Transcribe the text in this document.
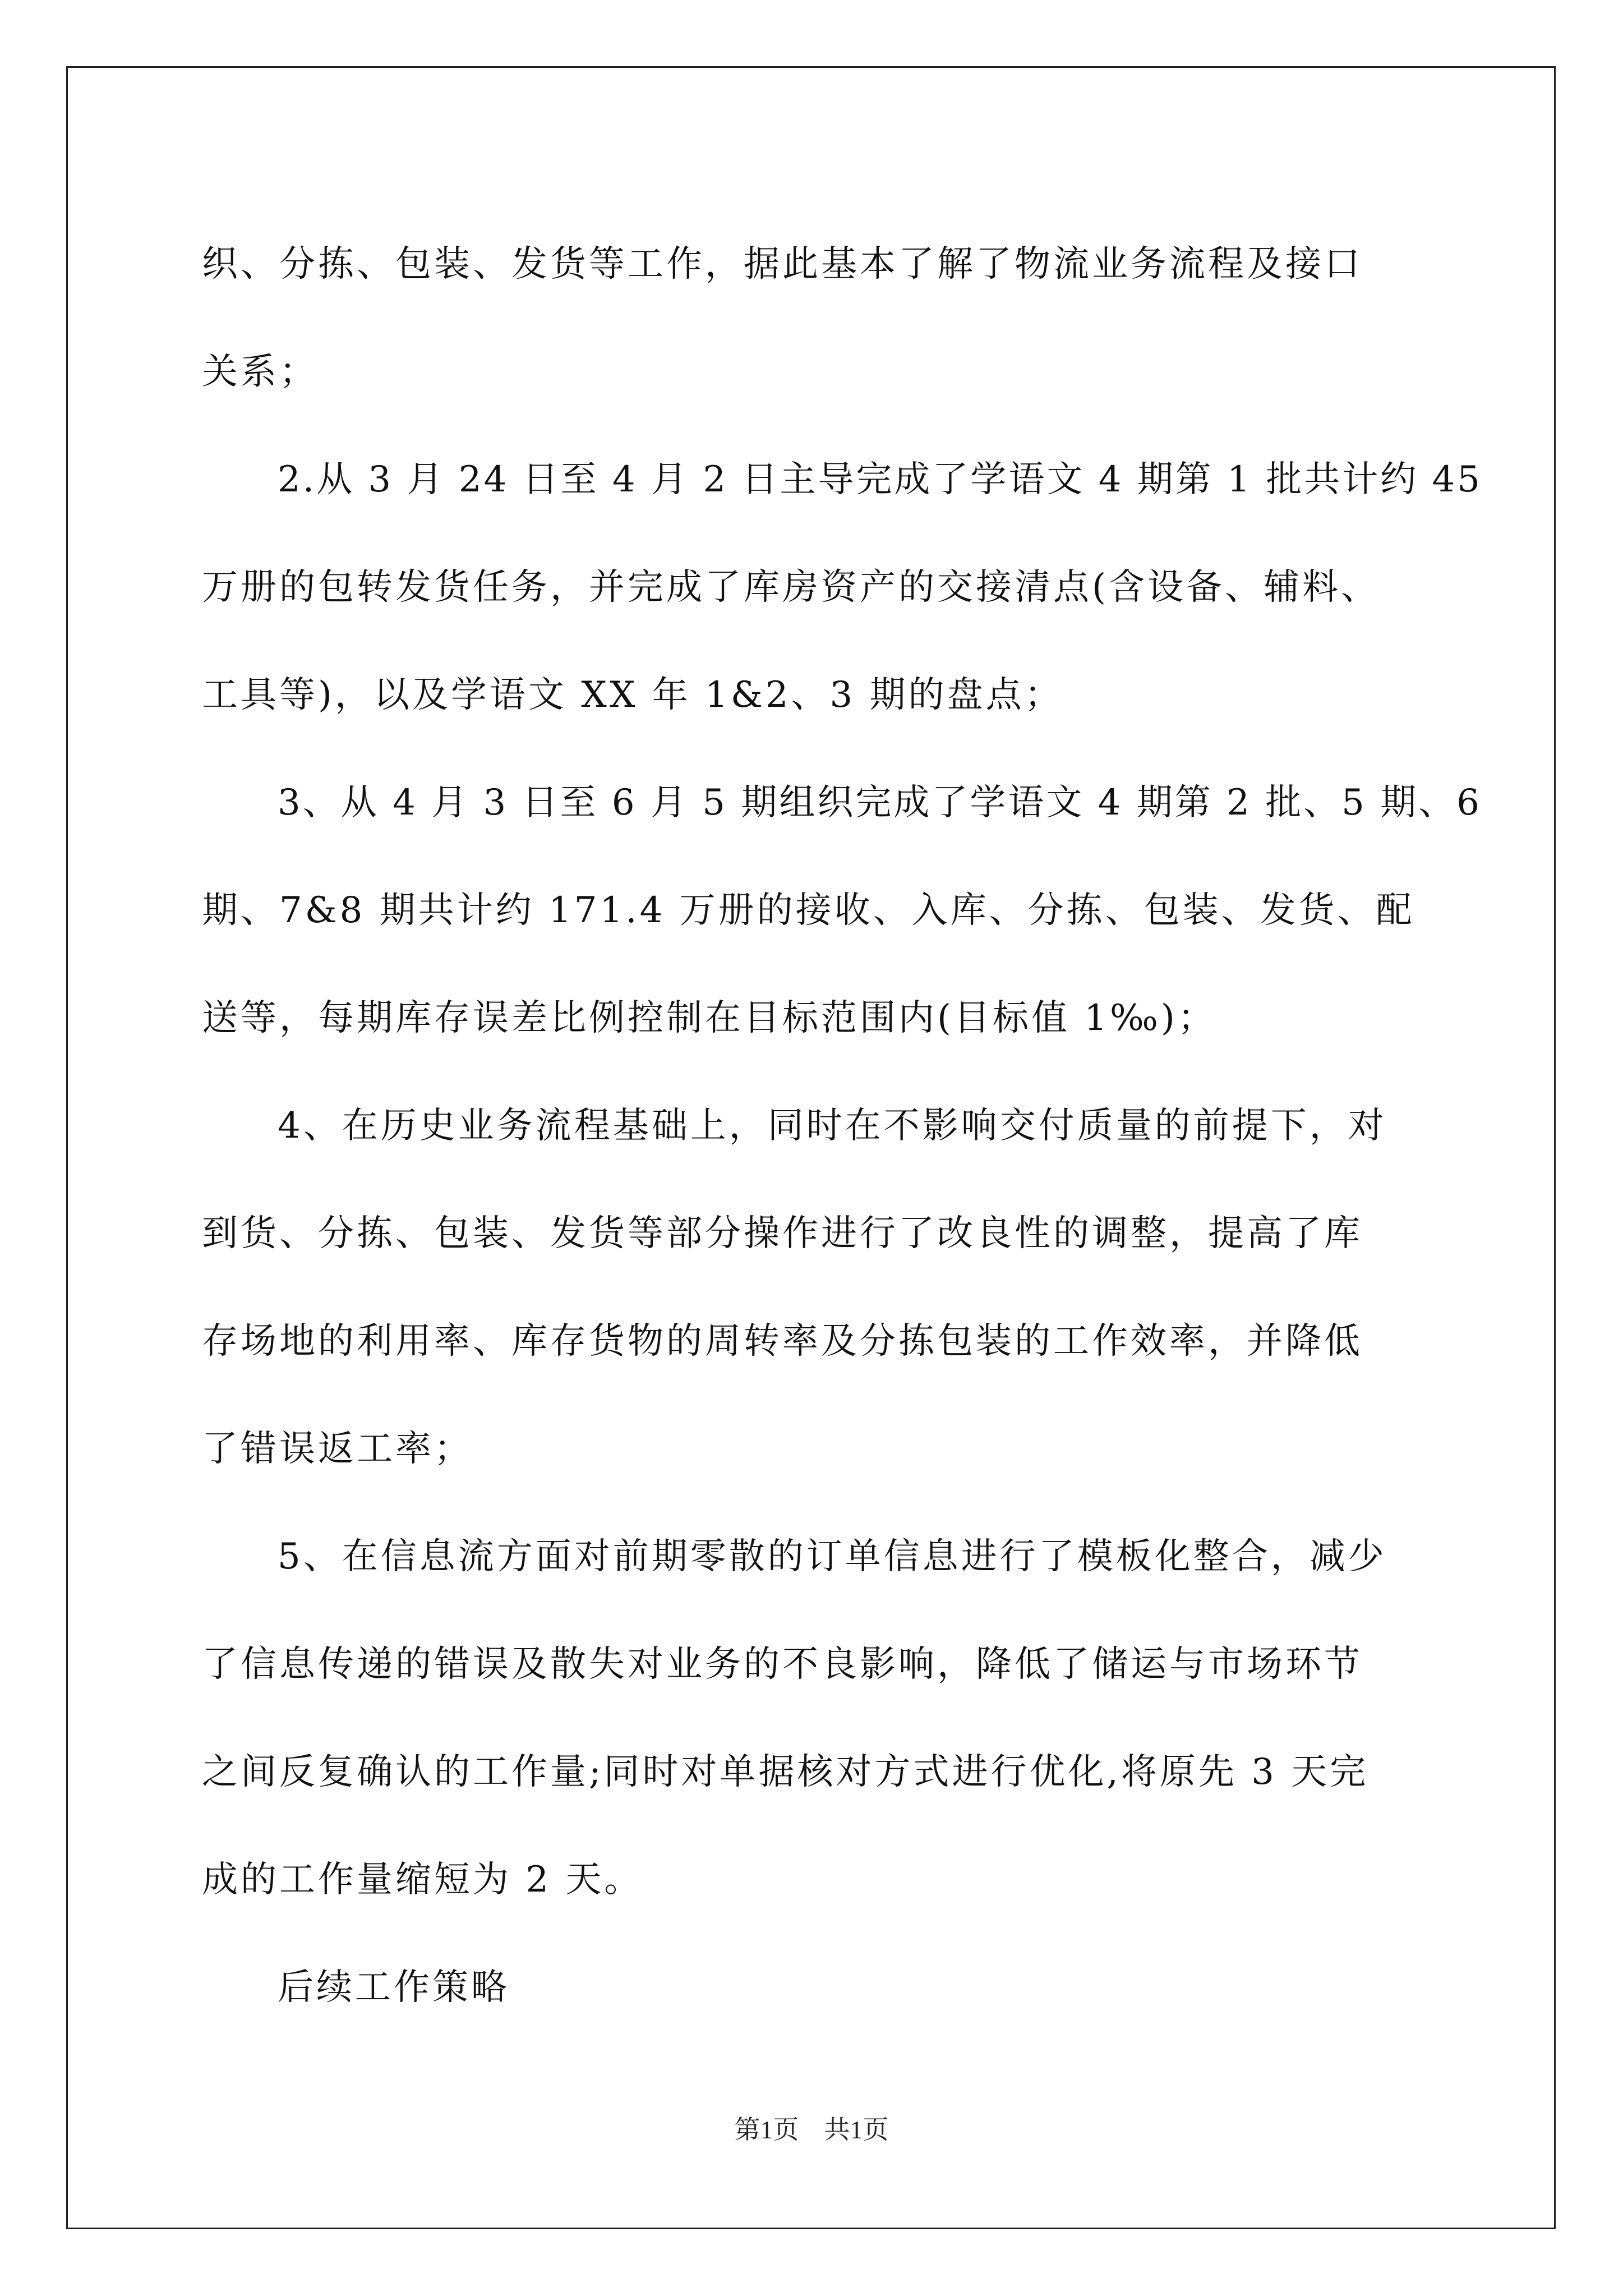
织、分拣、包装、发货等工作，据此基本了解了物流业务流程及接口
关系；
2.从 3 月 24 日至 4 月 2 日主导完成了学语文 4 期第 1 批共计约 45
万册的包转发货任务，并完成了库房资产的交接清点(含设备、辅料、
工具等)，以及学语文 XX 年 1&2、3 期的盘点；
3、从 4 月 3 日至 6 月 5 期组织完成了学语文 4 期第 2 批、5 期、6
期、7&8 期共计约 171.4 万册的接收、入库、分拣、包装、发货、配
送等，每期库存误差比例控制在目标范围内(目标值 1‰)；
4、在历史业务流程基础上，同时在不影响交付质量的前提下，对
到货、分拣、包装、发货等部分操作进行了改良性的调整，提高了库
存场地的利用率、库存货物的周转率及分拣包装的工作效率，并降低
了错误返工率；
5、在信息流方面对前期零散的订单信息进行了模板化整合，减少
了信息传递的错误及散失对业务的不良影响，降低了储运与市场环节
之间反复确认的工作量;同时对单据核对方式进行优化,将原先 3 天完
成的工作量缩短为 2 天。
后续工作策略
第1页 共1页
